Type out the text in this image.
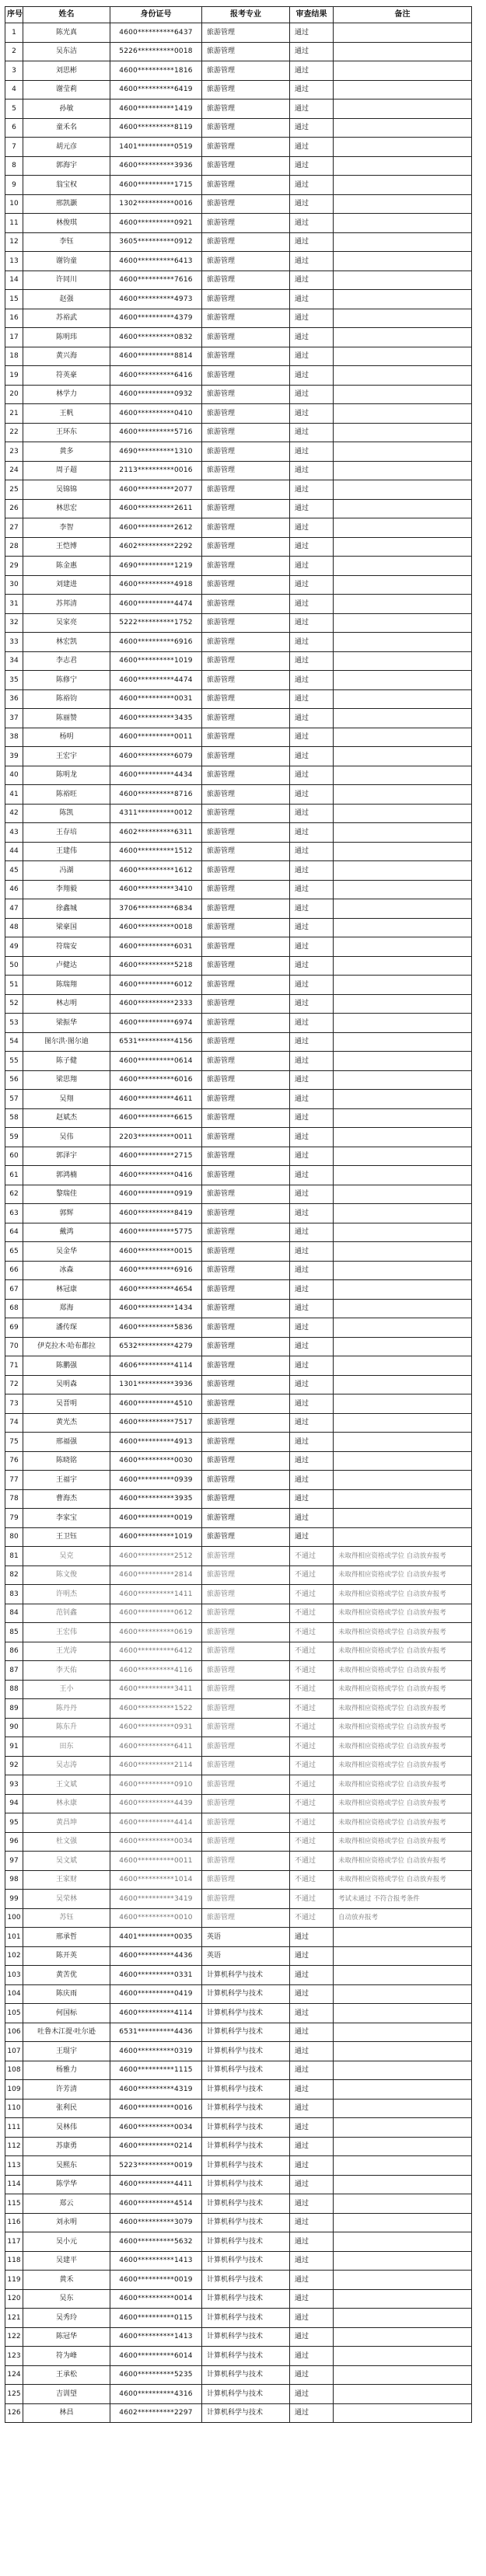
序号	姓名	身份证号	报考专业	审查结果	备注
1	陈光真	4600**********6437	旅游管理	通过	
2	吴东洁	5226**********0018	旅游管理	通过	
3	刘思彬	4600**********1816	旅游管理	通过	
4	谢莹莉	4600**********6419	旅游管理	通过	
5	孙敏	4600**********1419	旅游管理	通过	
6	童禾名	4600**********8119	旅游管理	通过	
7	胡元彦	1401**********0519	旅游管理	通过	
8	郭海宇	4600**********3936	旅游管理	通过	
9	翁宝权	4600**********1715	旅游管理	通过	
10	邢凯灏	1302**********0016	旅游管理	通过	
11	林俊琪	4600**********0921	旅游管理	通过	
12	李钰	3605**********0912	旅游管理	通过	
13	谢钧童	4600**********6413	旅游管理	通过	
14	许同川	4600**********7616	旅游管理	通过	
15	赵强	4600**********4973	旅游管理	通过	
16	苏裕武	4600**********4379	旅游管理	通过	
17	陈明玮	4600**********0832	旅游管理	通过	
18	黄兴海	4600**********8814	旅游管理	通过	
19	符英豪	4600**********6416	旅游管理	通过	
20	林学力	4600**********0932	旅游管理	通过	
21	王帆	4600**********0410	旅游管理	通过	
22	王环东	4600**********5716	旅游管理	通过	
23	黄多	4690**********1310	旅游管理	通过	
24	周子超	2113**********0016	旅游管理	通过	
25	吴锦锦	4600**********2077	旅游管理	通过	
26	林思宏	4600**********2611	旅游管理	通过	
27	李智	4600**********2612	旅游管理	通过	
28	王恺博	4602**********2292	旅游管理	通过	
29	陈金惠	4690**********1219	旅游管理	通过	
30	刘建进	4600**********4918	旅游管理	通过	
31	苏邦清	4600**********4474	旅游管理	通过	
32	吴家亮	5222**********1752	旅游管理	通过	
33	林宏凯	4600**********6916	旅游管理	通过	
34	李志君	4600**********1019	旅游管理	通过	
35	陈修宁	4600**********4474	旅游管理	通过	
36	陈裕钧	4600**********0031	旅游管理	通过	
37	陈丽赞	4600**********3435	旅游管理	通过	
38	杨明	4600**********0011	旅游管理	通过	
39	王宏宇	4600**********6079	旅游管理	通过	
40	陈明龙	4600**********4434	旅游管理	通过	
41	陈裕旺	4600**********8716	旅游管理	通过	
42	陈凯	4311**********0012	旅游管理	通过	
43	王存培	4602**********6311	旅游管理	通过	
44	王建伟	4600**********1512	旅游管理	通过	
45	冯湖	4600**********1612	旅游管理	通过	
46	李翔毅	4600**********3410	旅游管理	通过	
47	徐鑫城	3706**********6834	旅游管理	通过	
48	梁豪国	4600**********0018	旅游管理	通过	
49	符瑞安	4600**********6031	旅游管理	通过	
50	卢健达	4600**********5218	旅游管理	通过	
51	陈瑞翔	4600**********6012	旅游管理	通过	
52	林志明	4600**********2333	旅游管理	通过	
53	梁振华	4600**********6974	旅游管理	通过	
54	图尔洪·图尔迪	6531**********4156	旅游管理	通过	
55	陈子健	4600**********0614	旅游管理	通过	
56	梁思翔	4600**********6016	旅游管理	通过	
57	吴翔	4600**********4611	旅游管理	通过	
58	赵斌杰	4600**********6615	旅游管理	通过	
59	吴伟	2203**********0011	旅游管理	通过	
60	郭泽宇	4600**********2715	旅游管理	通过	
61	郭鸿楠	4600**********0416	旅游管理	通过	
62	黎瑞佳	4600**********0919	旅游管理	通过	
63	郭辉	4600**********8419	旅游管理	通过	
64	戴鸿	4600**********5775	旅游管理	通过	
65	吴金华	4600**********0015	旅游管理	通过	
66	冰森	4600**********6916	旅游管理	通过	
67	林冠康	4600**********4654	旅游管理	通过	
68	郑海	4600**********1434	旅游管理	通过	
69	潘传琛	4600**********5836	旅游管理	通过	
70	伊克拉木·哈布都拉	6532**********4279	旅游管理	通过	
71	陈鹏强	4606**********4114	旅游管理	通过	
72	吴明森	1301**********3936	旅游管理	通过	
73	吴晋明	4600**********4510	旅游管理	通过	
74	黄光杰	4600**********7517	旅游管理	通过	
75	邢福强	4600**********4913	旅游管理	通过	
76	陈晓铭	4600**********0030	旅游管理	通过	
77	王福宇	4600**********0939	旅游管理	通过	
78	曹海杰	4600**********3935	旅游管理	通过	
79	李家宝	4600**********0019	旅游管理	通过	
80	王卫钰	4600**********1019	旅游管理	通过	
81	吴克	4600**********2512	旅游管理	不通过	未取得相应资格或学位 自动放弃报考
82	陈文俊	4600**********2814	旅游管理	不通过	未取得相应资格或学位 自动放弃报考
83	许明杰	4600**********1411	旅游管理	不通过	未取得相应资格或学位 自动放弃报考
84	范钊鑫	4600**********0612	旅游管理	不通过	未取得相应资格或学位 自动放弃报考
85	王宏伟	4600**********0619	旅游管理	不通过	未取得相应资格或学位 自动放弃报考
86	王光涛	4600**********6412	旅游管理	不通过	未取得相应资格或学位 自动放弃报考
87	李天佑	4600**********4116	旅游管理	不通过	未取得相应资格或学位 自动放弃报考
88	王小	4600**********3411	旅游管理	不通过	未取得相应资格或学位 自动放弃报考
89	陈丹丹	4600**********1522	旅游管理	不通过	未取得相应资格或学位 自动放弃报考
90	陈东升	4600**********0931	旅游管理	不通过	未取得相应资格或学位 自动放弃报考
91	田东	4600**********6411	旅游管理	不通过	未取得相应资格或学位 自动放弃报考
92	吴志涛	4600**********2114	旅游管理	不通过	未取得相应资格或学位 自动放弃报考
93	王文斌	4600**********0910	旅游管理	不通过	未取得相应资格或学位 自动放弃报考
94	林永康	4600**********4439	旅游管理	不通过	未取得相应资格或学位 自动放弃报考
95	黄昌坤	4600**********4414	旅游管理	不通过	未取得相应资格或学位 自动放弃报考
96	杜文强	4600**********0034	旅游管理	不通过	未取得相应资格或学位 自动放弃报考
97	吴文斌	4600**********0011	旅游管理	不通过	未取得相应资格或学位 自动放弃报考
98	王家财	4600**********1014	旅游管理	不通过	未取得相应资格或学位 自动放弃报考
99	吴荣林	4600**********3419	旅游管理	不通过	考试未通过 不符合报考条件
100	苏钰	4600**********0010	旅游管理	不通过	自动放弃报考
101	邢承哲	4401**********0035	英语	通过	
102	陈开英	4600**********4436	英语	通过	
103	黄苦优	4600**********0331	计算机科学与技术	通过	
104	陈庆雨	4600**********0419	计算机科学与技术	通过	
105	何国标	4600**********4114	计算机科学与技术	通过	
106	吐鲁木江提·吐尔逊	6531**********4436	计算机科学与技术	通过	
107	王琨宇	4600**********0319	计算机科学与技术	通过	
108	杨雅力	4600**********1115	计算机科学与技术	通过	
109	许芳清	4600**********4319	计算机科学与技术	通过	
110	张利民	4600**********0016	计算机科学与技术	通过	
111	吴林伟	4600**********0034	计算机科学与技术	通过	
112	苏康勇	4600**********0214	计算机科学与技术	通过	
113	吴熙东	5223**********0019	计算机科学与技术	通过	
114	陈学华	4600**********4411	计算机科学与技术	通过	
115	郑云	4600**********4514	计算机科学与技术	通过	
116	刘永明	4600**********3079	计算机科学与技术	通过	
117	吴小元	4600**********5632	计算机科学与技术	通过	
118	吴建平	4600**********1413	计算机科学与技术	通过	
119	黄禾	4600**********0019	计算机科学与技术	通过	
120	吴东	4600**********0014	计算机科学与技术	通过	
121	吴秀玲	4600**********0115	计算机科学与技术	通过	
122	陈冠华	4600**********1413	计算机科学与技术	通过	
123	符为峰	4600**********6014	计算机科学与技术	通过	
124	王承松	4600**********5235	计算机科学与技术	通过	
125	吉训望	4600**********4316	计算机科学与技术	通过	
126	林昌	4602**********2297	计算机科学与技术	通过	
